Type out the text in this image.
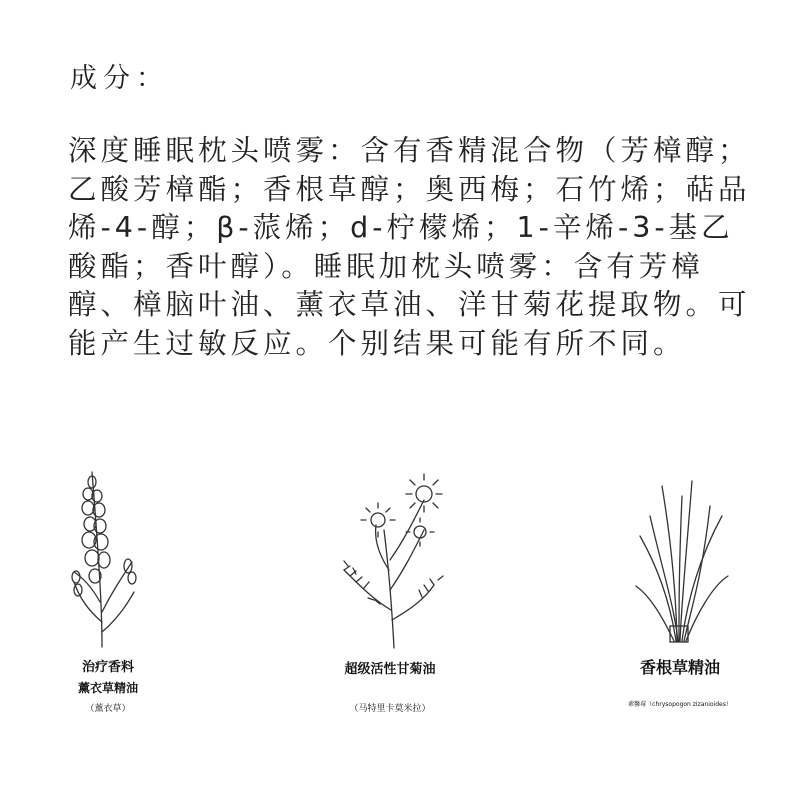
成分：
深度睡眠枕头喷雾：含有香精混合物（芳樟醇；乙酸芳樟酯；香根草醇；奥西梅；石竹烯；萜品烯-4-醇；β-蒎烯；d-柠檬烯；1-辛烯-3-基乙酸酯；香叶醇）。睡眠加枕头喷雾：含有芳樟醇、樟脑叶油、薰衣草油、洋甘菊花提取物。可能产生过敏反应。个别结果可能有所不同。
治疗香料
薰衣草精油
（薰衣草）
超级活性甘菊油
（马特里卡莫米拉）
香根草精油
素馨莓（chrysopogon zizanioides）
